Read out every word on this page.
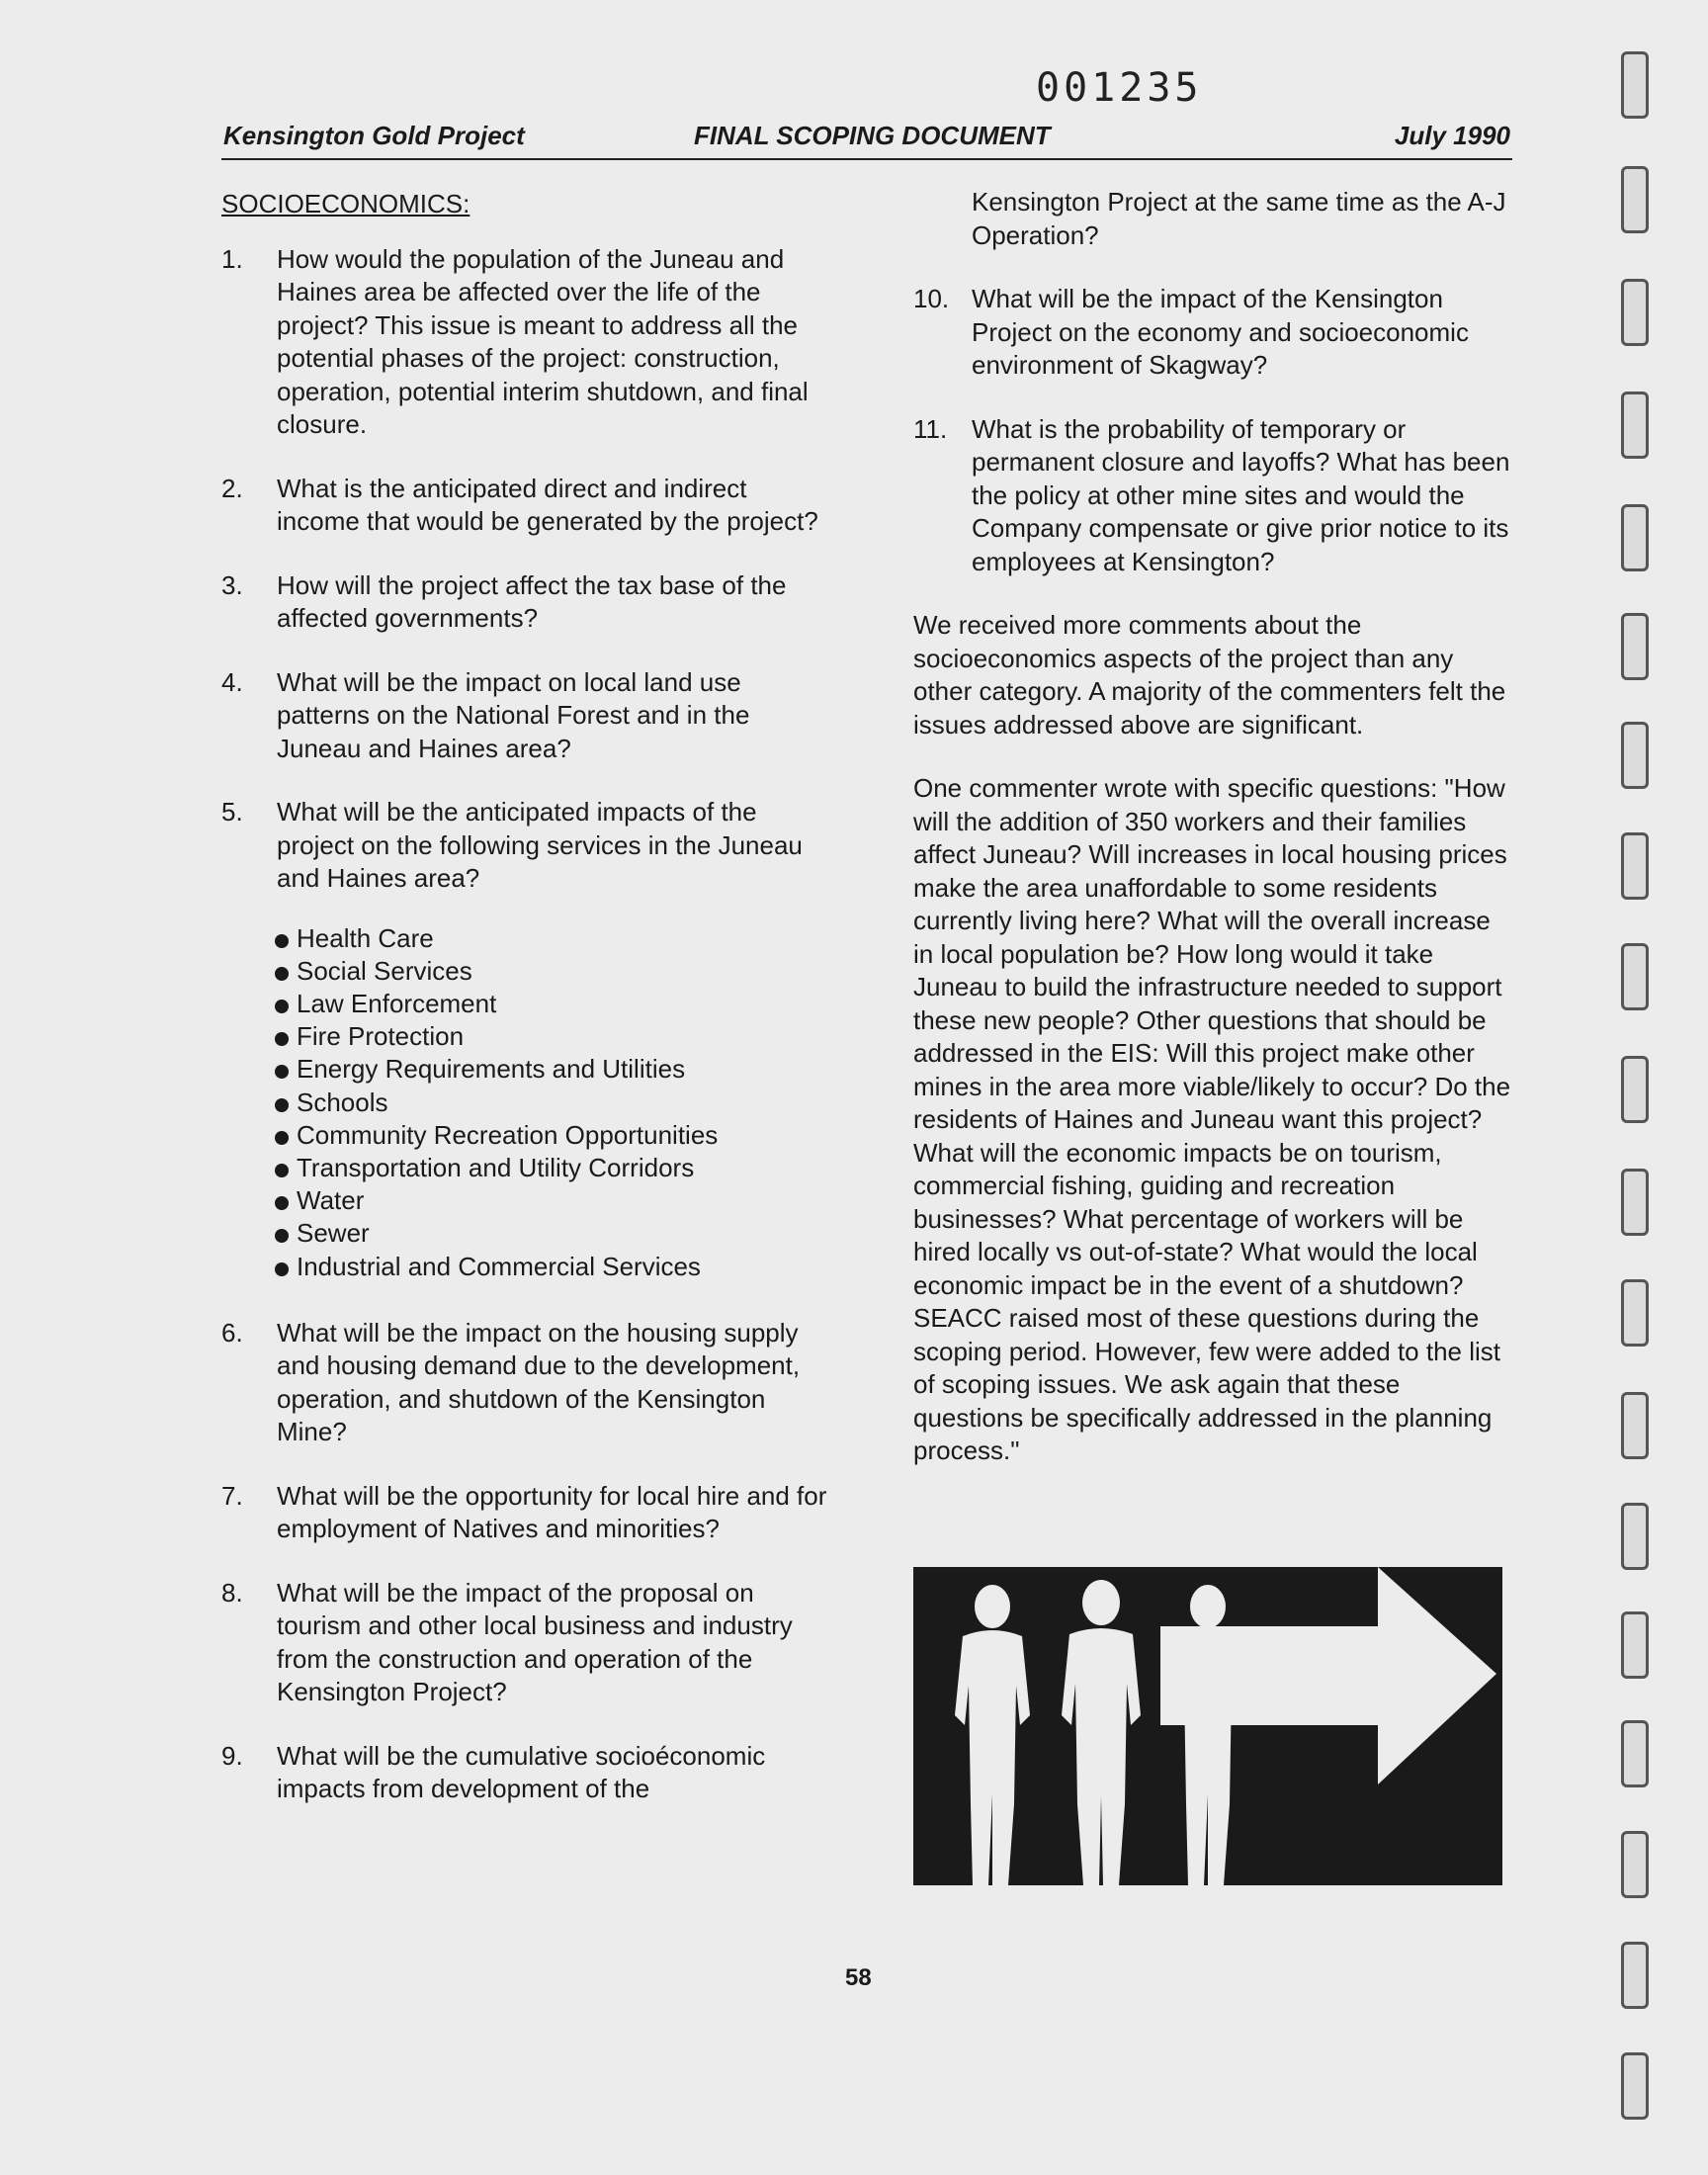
001235
Kensington Gold Project	FINAL SCOPING DOCUMENT	July 1990
SOCIOECONOMICS:
1.	How would the population of the Juneau and Haines area be affected over the life of the project? This issue is meant to address all the potential phases of the project: construction, operation, potential interim shutdown, and final closure.
2.	What is the anticipated direct and indirect income that would be generated by the project?
3.	How will the project affect the tax base of the affected governments?
4.	What will be the impact on local land use patterns on the National Forest and in the Juneau and Haines area?
5.	What will be the anticipated impacts of the project on the following services in the Juneau and Haines area?
Health Care
Social Services
Law Enforcement
Fire Protection
Energy Requirements and Utilities
Schools
Community Recreation Opportunities
Transportation and Utility Corridors
Water
Sewer
Industrial and Commercial Services
6.	What will be the impact on the housing supply and housing demand due to the development, operation, and shutdown of the Kensington Mine?
7.	What will be the opportunity for local hire and for employment of Natives and minorities?
8.	What will be the impact of the proposal on tourism and other local business and industry from the construction and operation of the Kensington Project?
9.	What will be the cumulative socioéconomic impacts from development of the
Kensington Project at the same time as the A-J Operation?
10. What will be the impact of the Kensington Project on the economy and socioeconomic environment of Skagway?
11. What is the probability of temporary or permanent closure and layoffs? What has been the policy at other mine sites and would the Company compensate or give prior notice to its employees at Kensington?

We received more comments about the socioeconomics aspects of the project than any other category. A majority of the commenters felt the issues addressed above are significant.

One commenter wrote with specific questions: "How will the addition of 350 workers and their families affect Juneau? Will increases in local housing prices make the area unaffordable to some residents currently living here? What will the overall increase in local population be? How long would it take Juneau to build the infrastructure needed to support these new people? Other questions that should be addressed in the EIS: Will this project make other mines in the area more viable/likely to occur? Do the residents of Haines and Juneau want this project? What will the economic impacts be on tourism, commercial fishing, guiding and recreation businesses? What percentage of workers will be hired locally vs out-of-state? What would the local economic impact be in the event of a shutdown? SEACC raised most of these questions during the scoping period. However, few were added to the list of scoping issues. We ask again that these questions be specifically addressed in the planning process."

58
